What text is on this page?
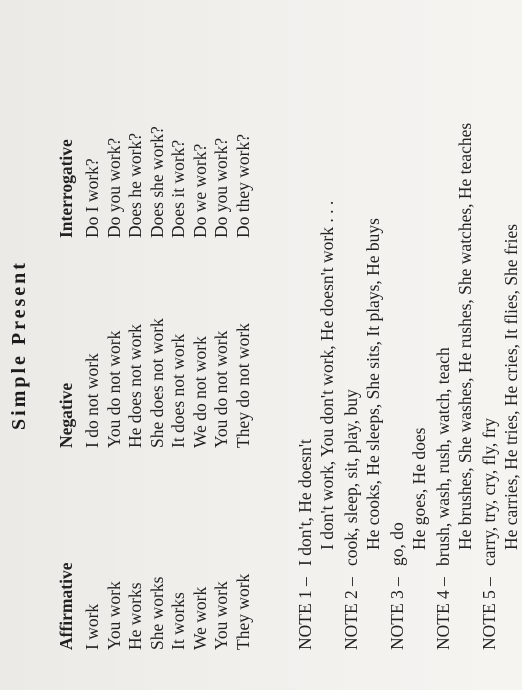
Simple Present
Affirmative I work You work He works She works It works We work You work They work
Negative I do not work You do not work He does not work She does not work It does not work We do not work You do not work They do not work
Interrogative Do I work? Do you work? Does he work? Does she work? Does it work? Do we work? Do you work? Do they work?
NOTE 1
–
I don't, He doesn't I don't work, You don't work, He doesn't work . . .
NOTE 2
–
cook, sleep, sit, play, buy He cooks, He sleeps, She sits, It plays, He buys
NOTE 3
–
go, do He goes, He does
NOTE 4
–
brush, wash, rush, watch, teach He brushes, She washes, He rushes, She watches, He teaches
NOTE 5
–
carry, try, cry, fly, fry He carries, He tries, He cries, It flies, She fries
